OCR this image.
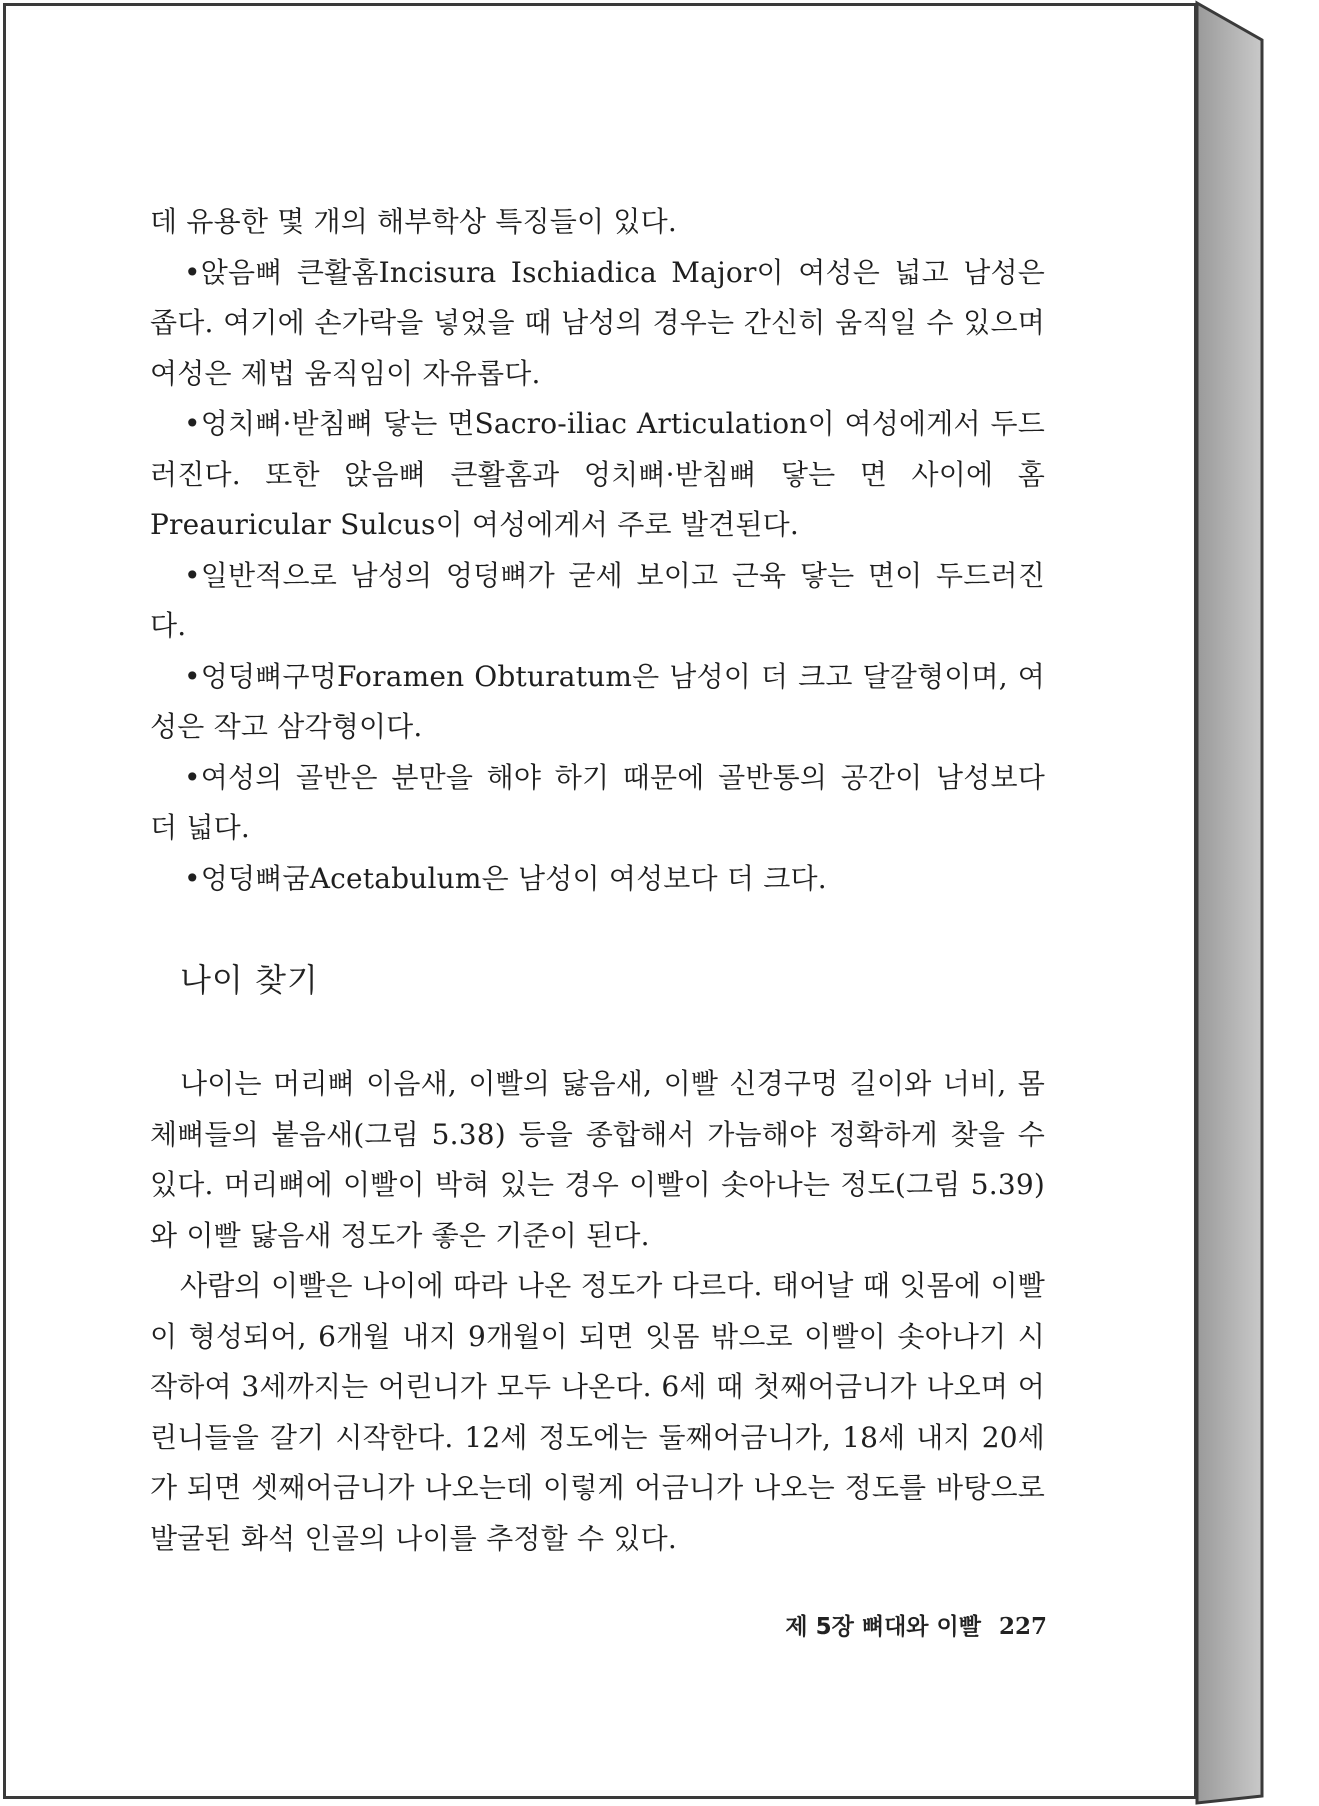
데 유용한 몇 개의 해부학상 특징들이 있다.

•앉음뼈 큰활홈Incisura Ischiadica Major이 여성은 넓고 남성은 좁다. 여기에 손가락을 넣었을 때 남성의 경우는 간신히 움직일 수 있으며 여성은 제법 움직임이 자유롭다.

•엉치뼈·받침뼈 닿는 면Sacro-iliac Articulation이 여성에게서 두드러진다. 또한 앉음뼈 큰활홈과 엉치뼈·받침뼈 닿는 면 사이에 홈Preauricular Sulcus이 여성에게서 주로 발견된다.

•일반적으로 남성의 엉덩뼈가 굳세 보이고 근육 닿는 면이 두드러진다.

•엉덩뼈구멍Foramen Obturatum은 남성이 더 크고 달갈형이며, 여성은 작고 삼각형이다.

•여성의 골반은 분만을 해야 하기 때문에 골반통의 공간이 남성보다 더 넓다.

•엉덩뼈굼Acetabulum은 남성이 여성보다 더 크다.

나이 찾기

나이는 머리뼈 이음새, 이빨의 닳음새, 이빨 신경구멍 길이와 너비, 몸체뼈들의 붙음새(그림 5.38) 등을 종합해서 가늠해야 정확하게 찾을 수 있다. 머리뼈에 이빨이 박혀 있는 경우 이빨이 솟아나는 정도(그림 5.39)와 이빨 닳음새 정도가 좋은 기준이 된다.

사람의 이빨은 나이에 따라 나온 정도가 다르다. 태어날 때 잇몸에 이빨이 형성되어, 6개월 내지 9개월이 되면 잇몸 밖으로 이빨이 솟아나기 시작하여 3세까지는 어린니가 모두 나온다. 6세 때 첫째어금니가 나오며 어린니들을 갈기 시작한다. 12세 정도에는 둘째어금니가, 18세 내지 20세가 되면 셋째어금니가 나오는데 이렇게 어금니가 나오는 정도를 바탕으로 발굴된 화석 인골의 나이를 추정할 수 있다.

제 5장 뼈대와 이빨 227
